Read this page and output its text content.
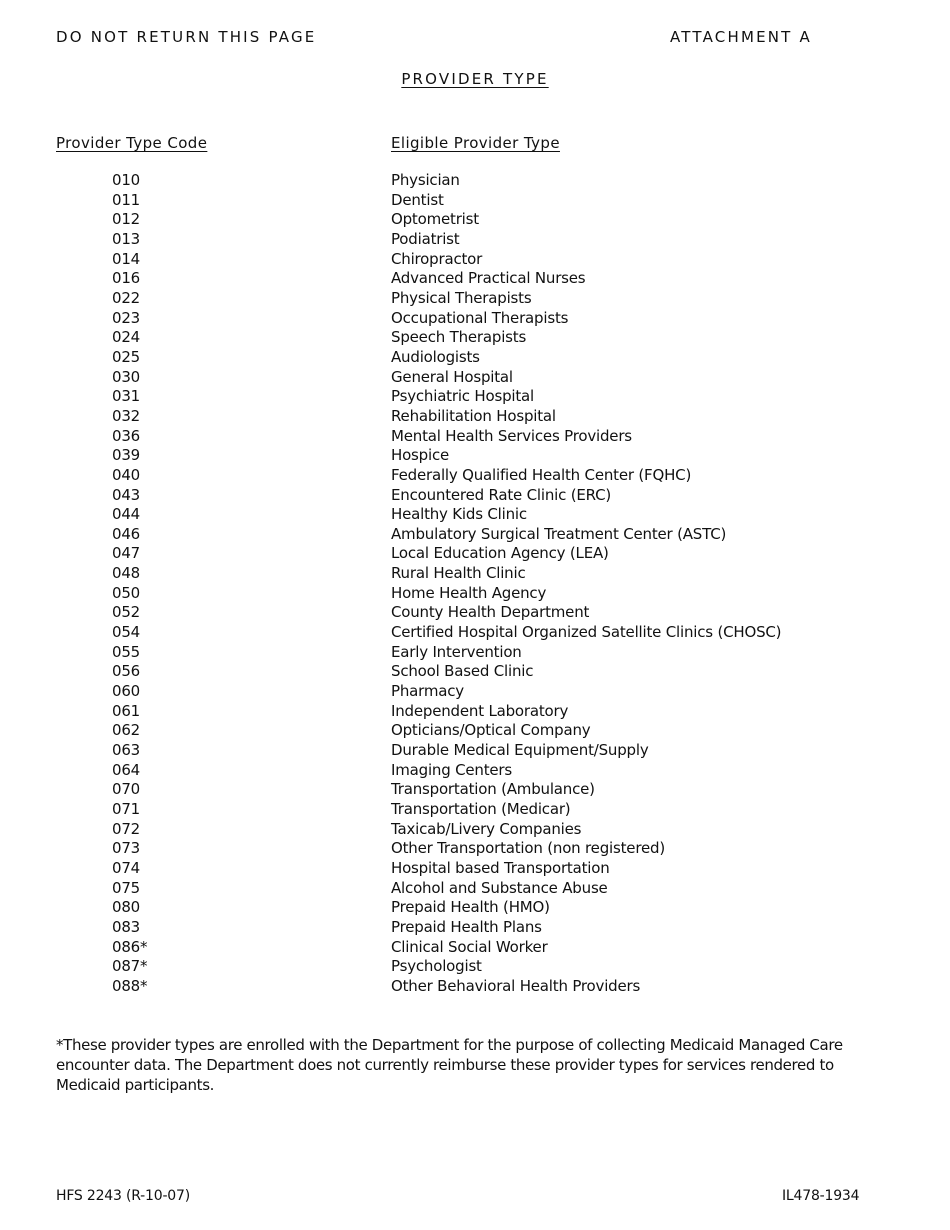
DO NOT RETURN THIS PAGE	ATTACHMENT A
PROVIDER TYPE
Provider Type Code	Eligible Provider Type
010	Physician
011	Dentist
012	Optometrist
013	Podiatrist
014	Chiropractor
016	Advanced Practical Nurses
022	Physical Therapists
023	Occupational Therapists
024	Speech Therapists
025	Audiologists
030	General Hospital
031	Psychiatric Hospital
032	Rehabilitation Hospital
036	Mental Health Services Providers
039	Hospice
040	Federally Qualified Health Center (FQHC)
043	Encountered Rate Clinic (ERC)
044	Healthy Kids Clinic
046	Ambulatory Surgical Treatment Center (ASTC)
047	Local Education Agency (LEA)
048	Rural Health Clinic
050	Home Health Agency
052	County Health Department
054	Certified Hospital Organized Satellite Clinics (CHOSC)
055	Early Intervention
056	School Based Clinic
060	Pharmacy
061	Independent Laboratory
062	Opticians/Optical Company
063	Durable Medical Equipment/Supply
064	Imaging Centers
070	Transportation (Ambulance)
071	Transportation (Medicar)
072	Taxicab/Livery Companies
073	Other Transportation (non registered)
074	Hospital based Transportation
075	Alcohol and Substance Abuse
080	Prepaid Health (HMO)
083	Prepaid Health Plans
086*	Clinical Social Worker
087*	Psychologist
088*	Other Behavioral Health Providers
*These provider types are enrolled with the Department for the purpose of collecting Medicaid Managed Care encounter data. The Department does not currently reimburse these provider types for services rendered to Medicaid participants.
HFS 2243 (R-10-07)	IL478-1934
